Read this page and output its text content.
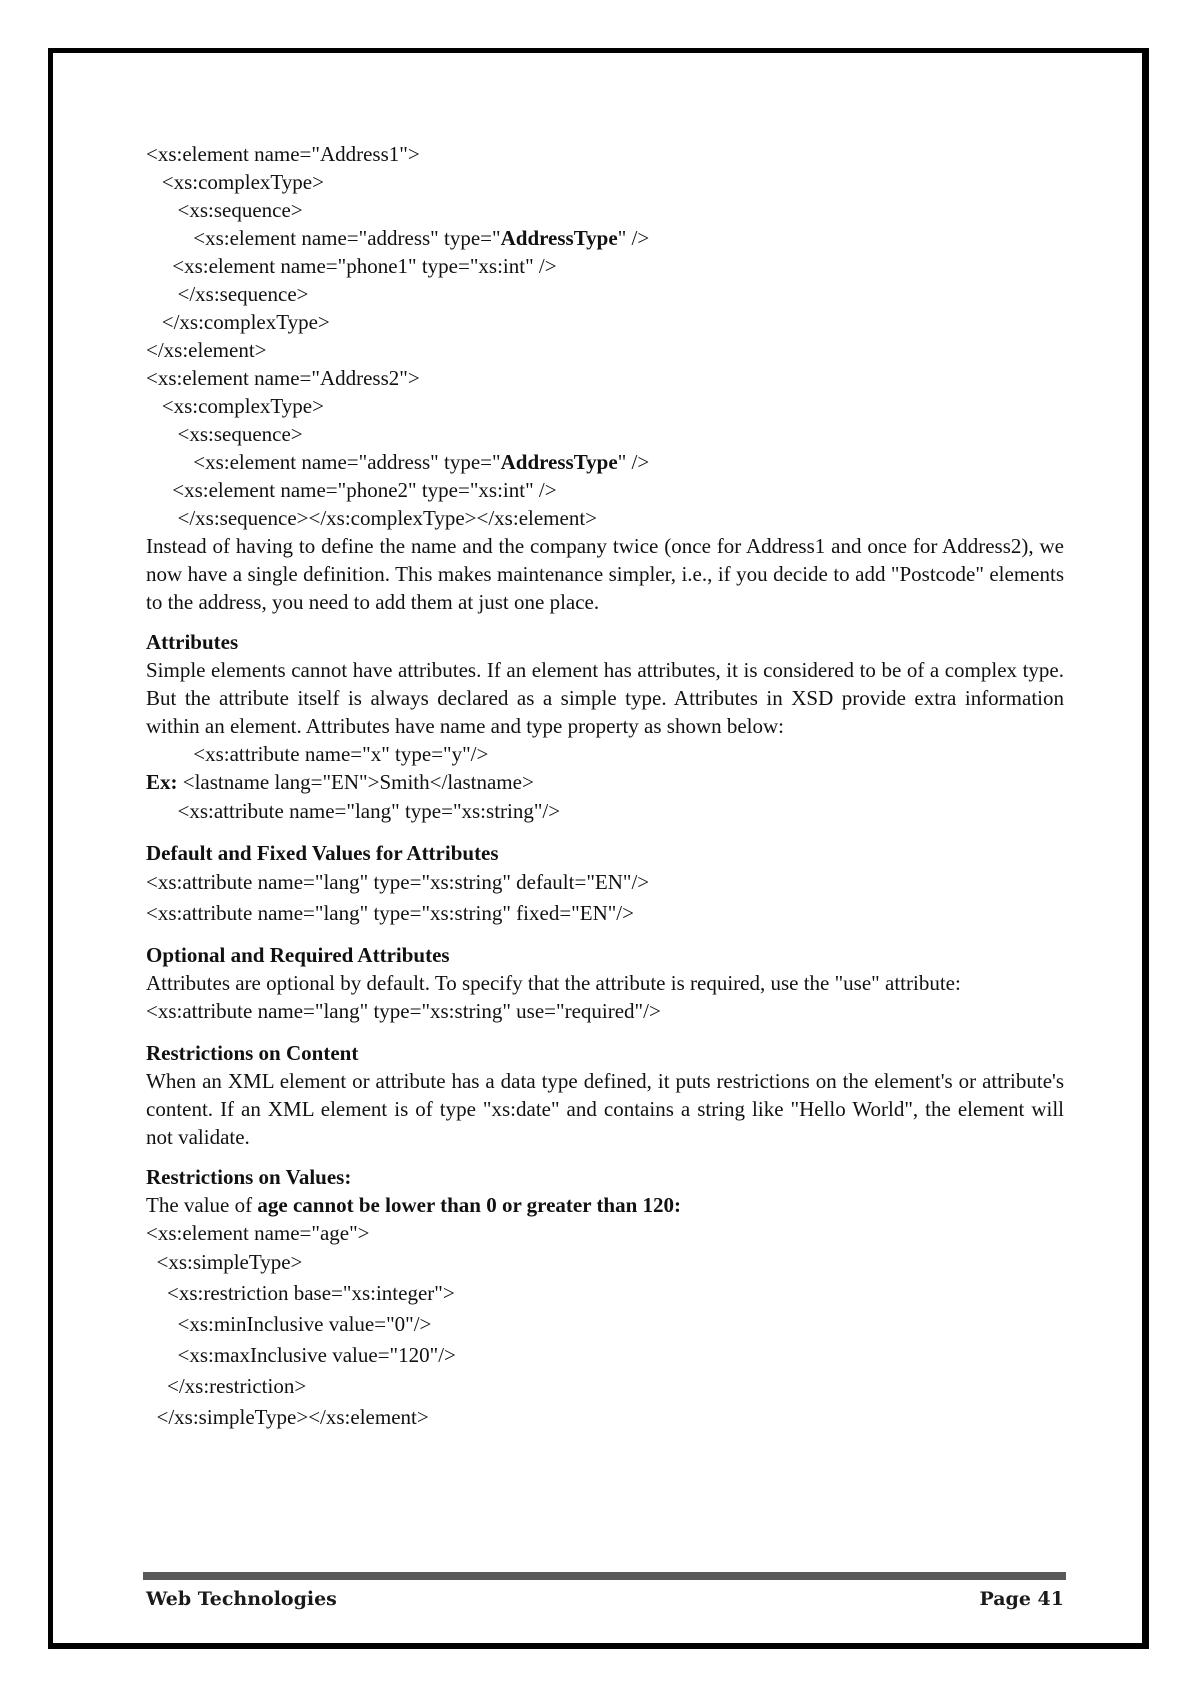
<xs:element name="Address1">
<xs:complexType>
<xs:sequence>
<xs:element name="address" type="AddressType" />
<xs:element name="phone1" type="xs:int" />
</xs:sequence>
</xs:complexType>
</xs:element>
<xs:element name="Address2">
<xs:complexType>
<xs:sequence>
<xs:element name="address" type="AddressType" />
<xs:element name="phone2" type="xs:int" />
</xs:sequence></xs:complexType></xs:element>

Instead of having to define the name and the company twice (once for Address1 and once for Address2), we now have a single definition. This makes maintenance simpler, i.e., if you decide to add "Postcode" elements to the address, you need to add them at just one place.

Attributes

Simple elements cannot have attributes. If an element has attributes, it is considered to be of a complex type. But the attribute itself is always declared as a simple type. Attributes in XSD provide extra information within an element. Attributes have name and type property as shown below:

<xs:attribute name="x" type="y"/>
Ex: <lastname lang="EN">Smith</lastname>
<xs:attribute name="lang" type="xs:string"/>
Default and Fixed Values for Attributes
<xs:attribute name="lang" type="xs:string" default="EN"/>
<xs:attribute name="lang" type="xs:string" fixed="EN"/>
Optional and Required Attributes

Attributes are optional by default. To specify that the attribute is required, use the "use" attribute:

<xs:attribute name="lang" type="xs:string" use="required"/>
Restrictions on Content

When an XML element or attribute has a data type defined, it puts restrictions on the element's or attribute's content. If an XML element is of type "xs:date" and contains a string like "Hello World", the element will not validate.

Restrictions on Values:
The value of age cannot be lower than 0 or greater than 120:
<xs:element name="age">
<xs:simpleType>
<xs:restriction base="xs:integer">
<xs:minInclusive value="0"/>
<xs:maxInclusive value="120"/>
</xs:restriction>
</xs:simpleType></xs:element>
Web Technologies	Page 41
